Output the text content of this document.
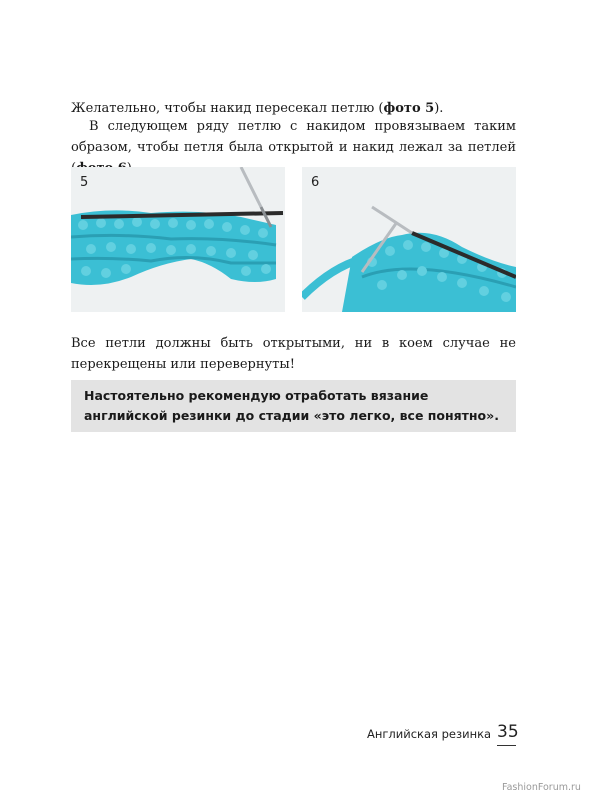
Желательно, чтобы накид пересекал петлю (фото 5).

В следующем ряду петлю с накидом провязываем таким образом, чтобы петля была открытой и накид лежал за петлей

5	6

Все петли должны быть открытыми, ни в коем случае не перекрещены или перевернуты!

Настоятельно рекомендую отработать вязание английской резинки до стадии «это легко, все понятно».
Английская резинка 35
FashionForum.ru
